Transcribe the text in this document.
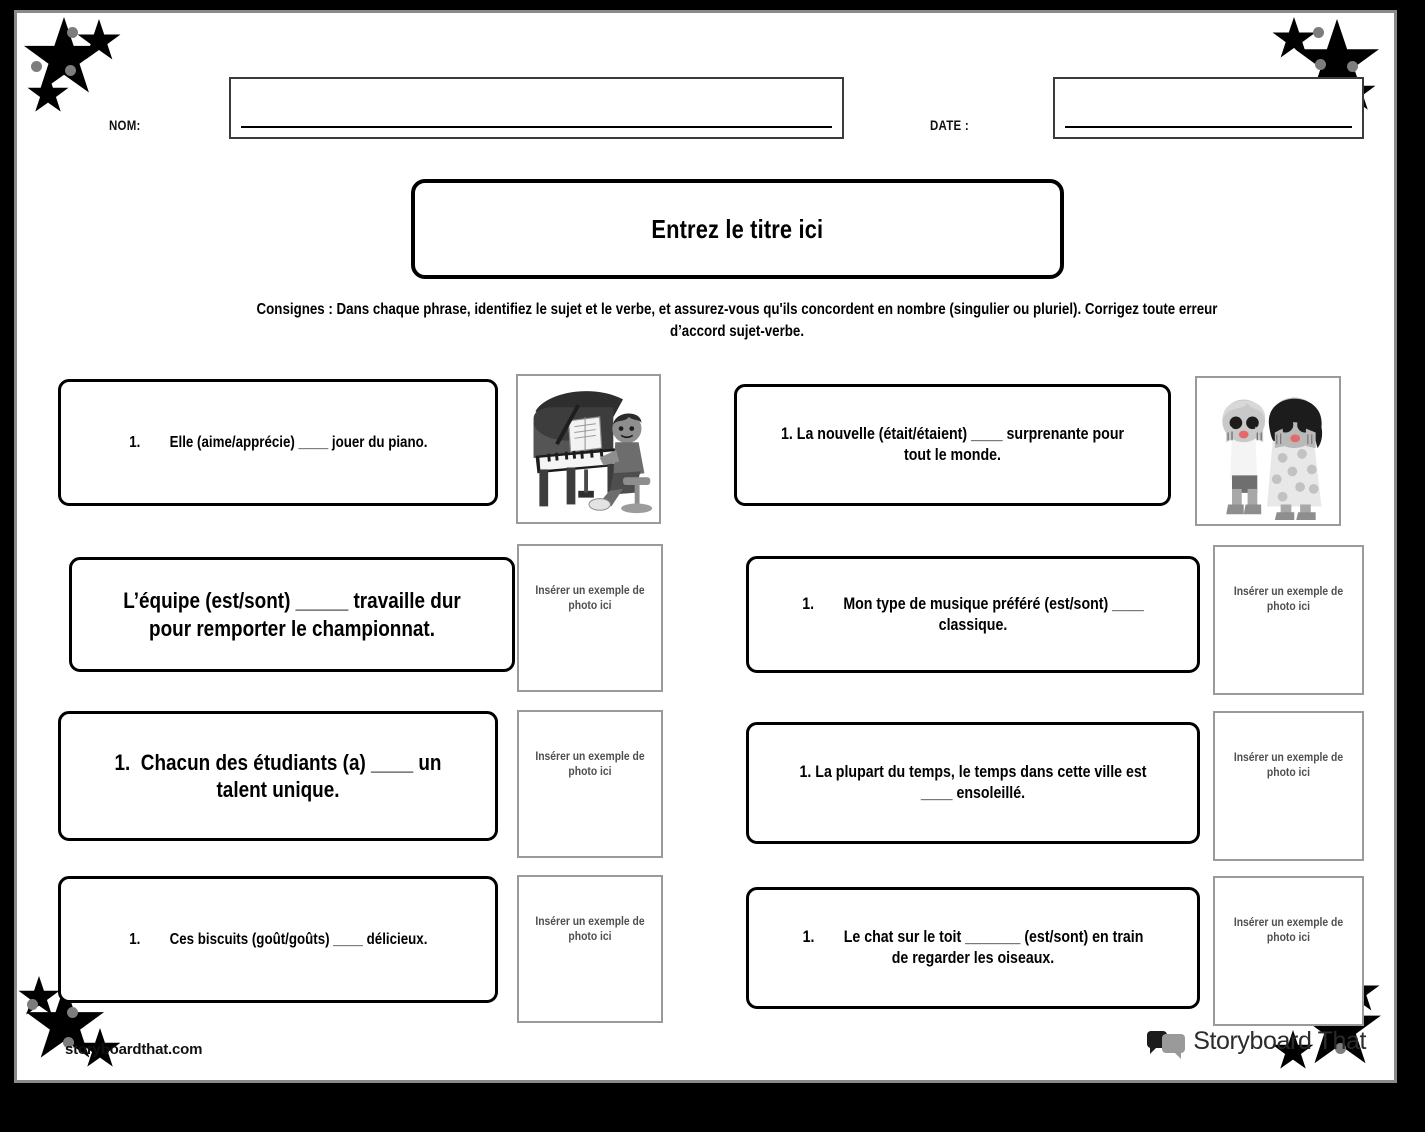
NOM:	DATE :
Entrez le titre ici
Consignes : Dans chaque phrase, identifiez le sujet et le verbe, et assurez-vous qu'ils concordent en nombre (singulier ou pluriel). Corrigez toute erreur d’accord sujet-verbe.
1. Elle (aime/apprécie) ____ jouer du piano.
L’équipe (est/sont) _____ travaille dur pour remporter le championnat.
Insérer un exemple de photo ici
1. Chacun des étudiants (a) ____ un talent unique.
Insérer un exemple de photo ici
1. Ces biscuits (goût/goûts) ____ délicieux.
Insérer un exemple de photo ici
1. La nouvelle (était/étaient) ____ surprenante pour tout le monde.
1. Mon type de musique préféré (est/sont) ____ classique.
Insérer un exemple de photo ici
1. La plupart du temps, le temps dans cette ville est ____ ensoleillé.
Insérer un exemple de photo ici
1. Le chat sur le toit _______ (est/sont) en train de regarder les oiseaux.
Insérer un exemple de photo ici
storyboardthat.com	Storyboard That
